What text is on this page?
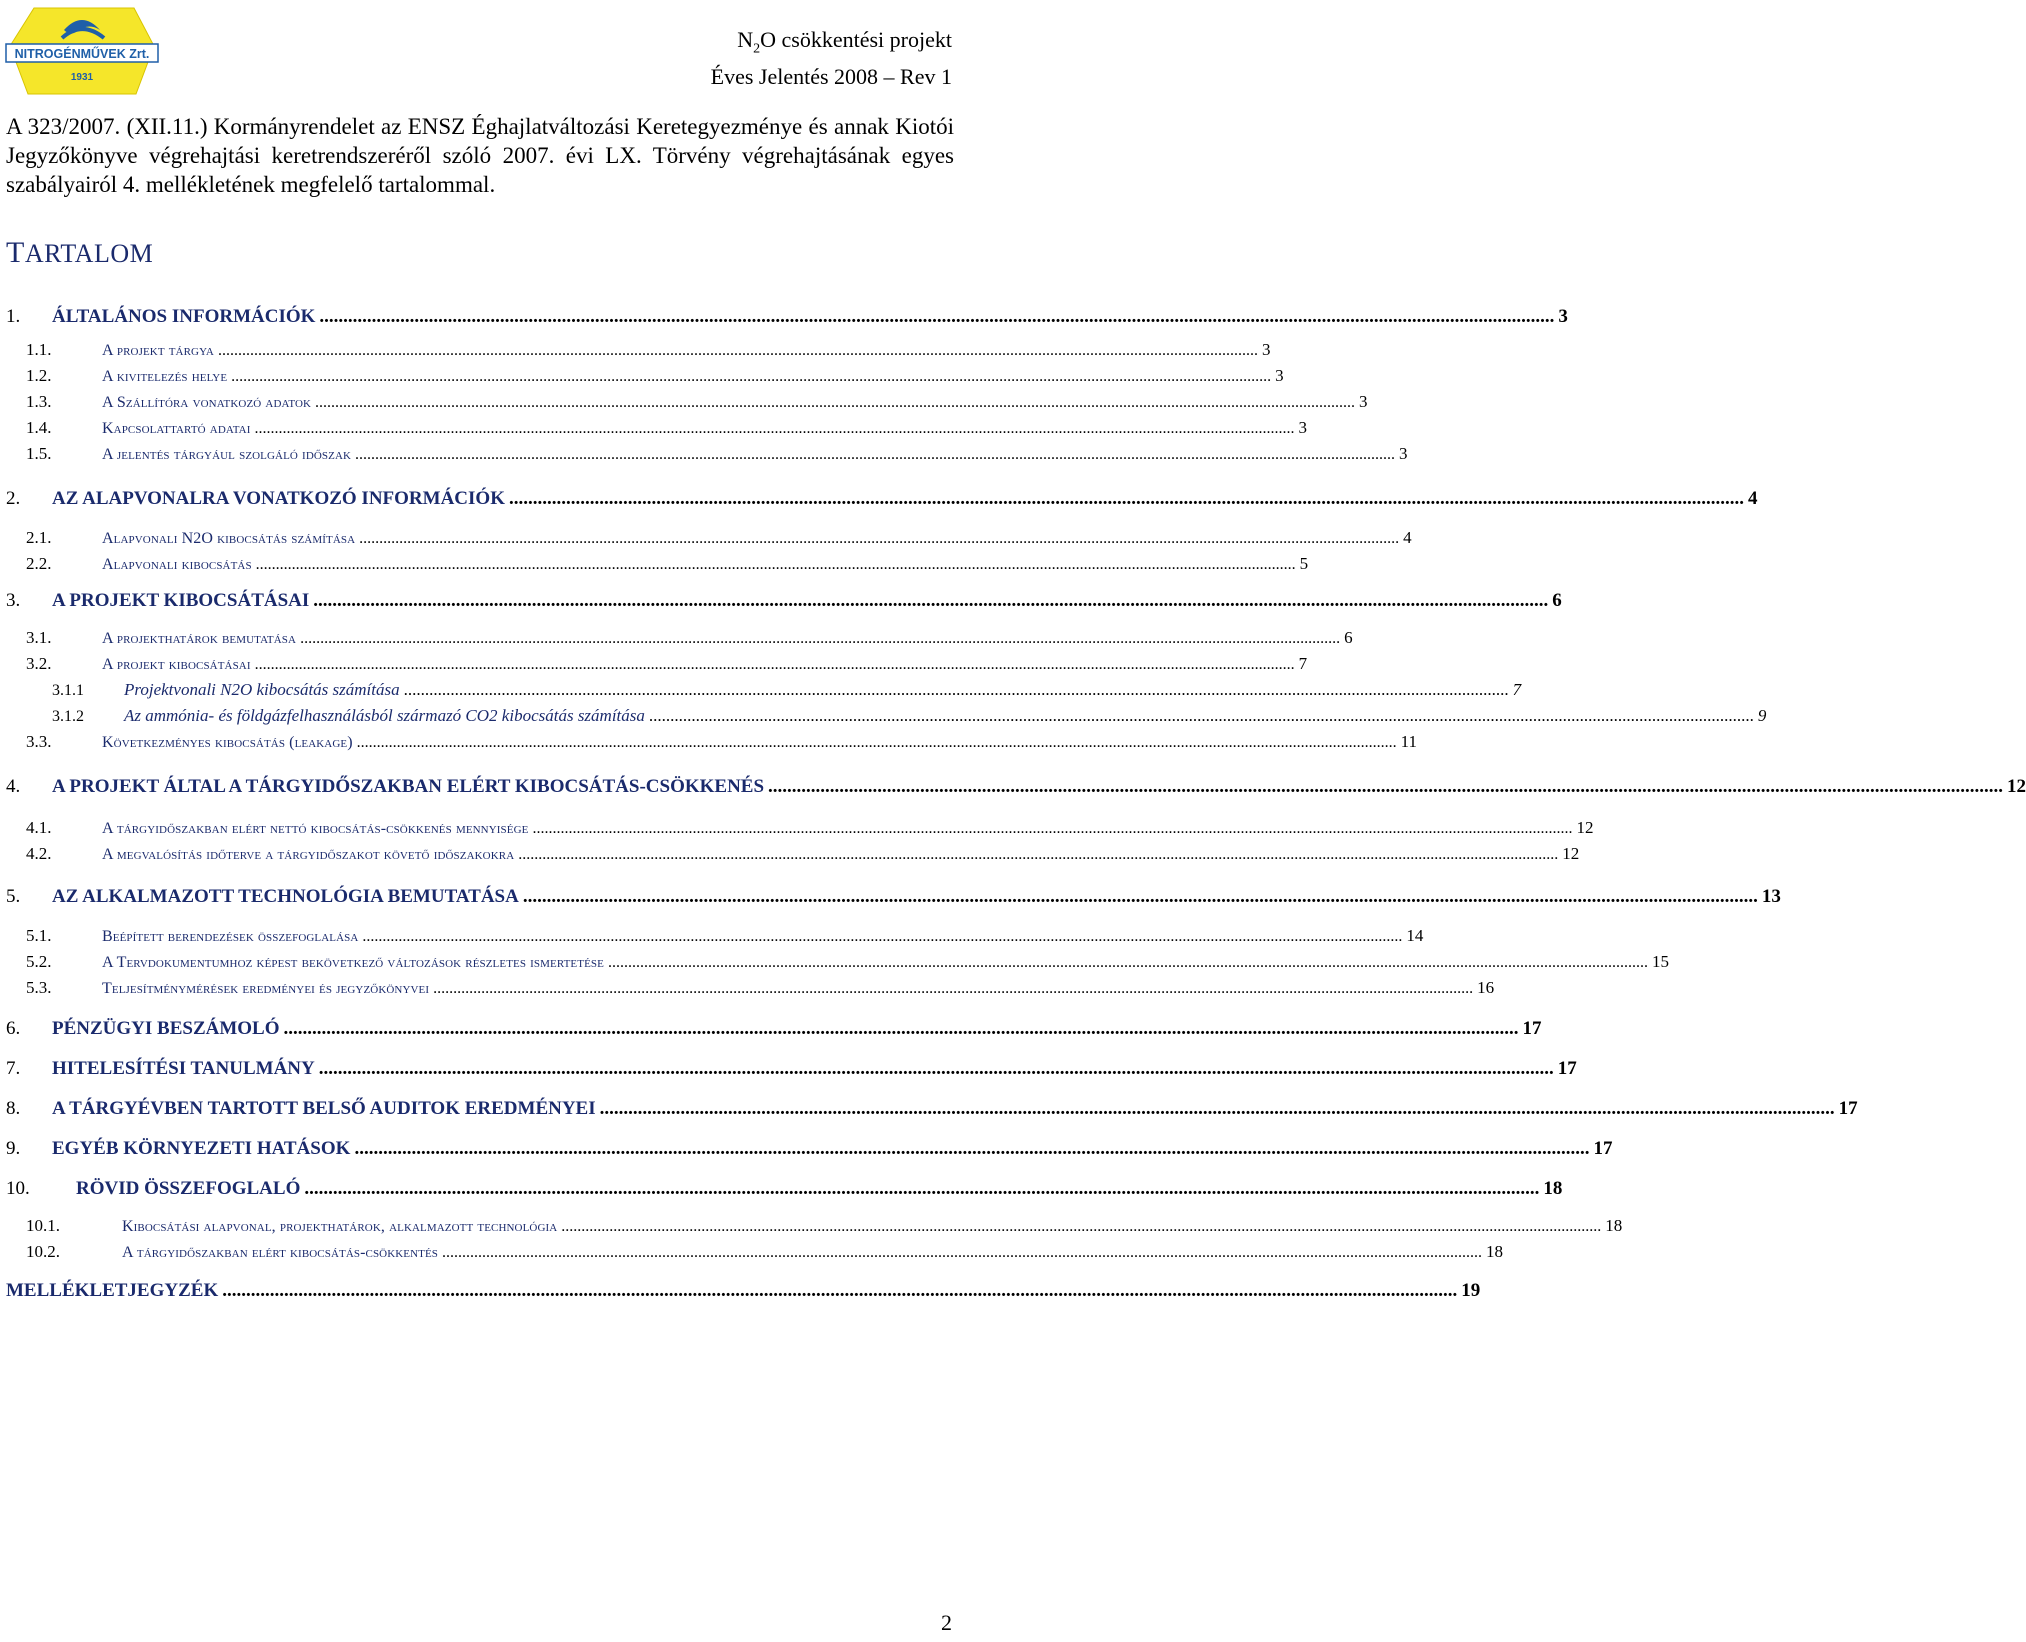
NITROGÉNMŰVEK Zrt.
1931
$N_2O$ csökkentési projekt
Éves Jelentés 2008 – Rev 1
A 323/2007. (XII.11.) Kormányrendelet az ENSZ Éghajlatváltozási Keretegyezménye és annak Kiotói Jegyzőkönyve végrehajtási keretrendszeréről szóló 2007. évi LX. Törvény végrehajtásának egyes szabályairól 4. mellékletének megfelelő tartalommal.
TARTALOM
1.	ÁLTALÁNOS INFORMÁCIÓK .....	3
1.1.	A projekt tárgya .....	3
1.2.	A kivitelezés helye .....	3
1.3.	A Szállítóra vonatkozó adatok .....	3
1.4.	Kapcsolattartó adatai .....	3
1.5.	A jelentés tárgyául szolgáló időszak .....	3
2.	AZ ALAPVONALRA VONATKOZÓ INFORMÁCIÓK .....	4
2.1.	Alapvonali N2O kibocsátás számítása .....	4
2.2.	Alapvonali kibocsátás .....	5
3.	A PROJEKT KIBOCSÁTÁSAI .....	6
3.1.	A projekthatárok bemutatása .....	6
3.2.	A projekt kibocsátásai .....	7
3.1.1	Projektvonali N2O kibocsátás számítása .....	7
3.1.2	Az ammónia- és földgázfelhasználásból származó CO2 kibocsátás számítása .....	9
3.3.	Következményes kibocsátás (leakage) .....	11
4.	A PROJEKT ÁLTAL A TÁRGYIDŐSZAKBAN ELÉRT KIBOCSÁTÁS-CSÖKKENÉS .....	12
4.1.	A tárgyidőszakban elért nettó kibocsátás-csökkenés mennyisége .....	12
4.2.	A megvalósítás időterve a tárgyidőszakot követő időszakokra .....	12
5.	AZ ALKALMAZOTT TECHNOLÓGIA BEMUTATÁSA .....	13
5.1.	Beépített berendezések összefoglalása .....	14
5.2.	A Tervdokumentumhoz képest bekövetkező változások részletes ismertetése .....	15
5.3.	Teljesítménymérések eredményei és jegyzőkönyvei .....	16
6.	PÉNZÜGYI BESZÁMOLÓ .....	17
7.	HITELESÍTÉSI TANULMÁNY .....	17
8.	A TÁRGYÉVBEN TARTOTT BELSŐ AUDITOK EREDMÉNYEI .....	17
9.	EGYÉB KÖRNYEZETI HATÁSOK .....	17
10.	RÖVID ÖSSZEFOGLALÓ .....	18
10.1.	Kibocsátási alapvonal, projekthatárok, alkalmazott technológia .....	18
10.2.	A tárgyidőszakban elért kibocsátás-csökkentés .....	18
MELLÉKLETJEGYZÉK .....	19
2
